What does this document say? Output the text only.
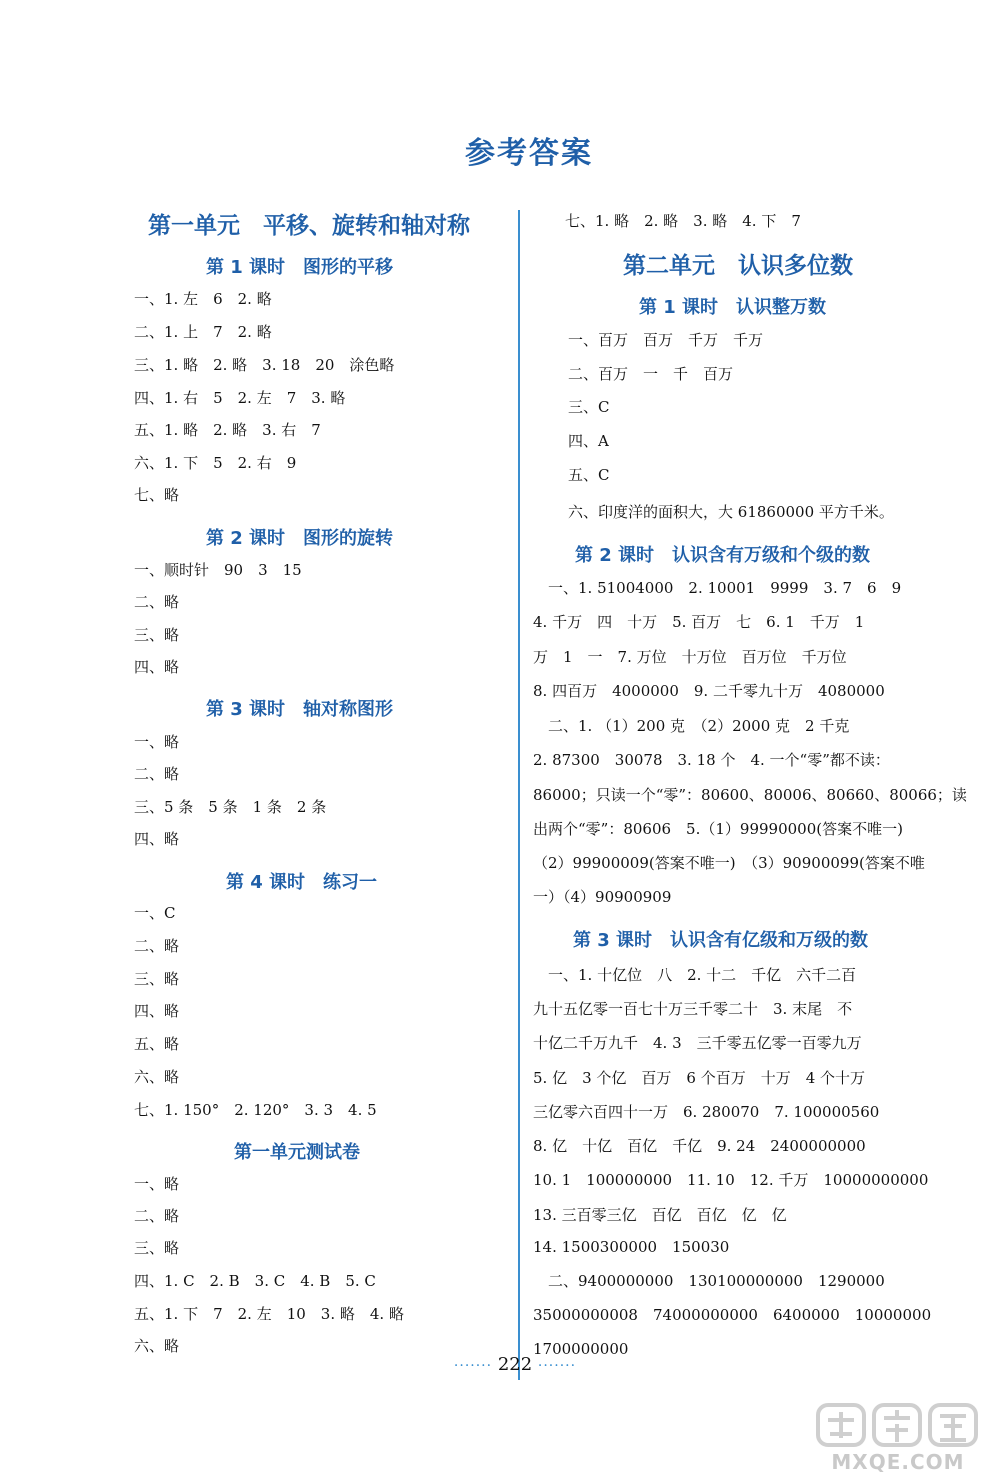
参考答案
第一单元　平移、旋转和轴对称
第 1 课时　图形的平移
一、1. 左　6　2. 略
二、1. 上　7　2. 略
三、1. 略　2. 略　3. 18　20　涂色略
四、1. 右　5　2. 左　7　3. 略
五、1. 略　2. 略　3. 右　7
六、1. 下　5　2. 右　9
七、略
第 2 课时　图形的旋转
一、顺时针　90　3　15
二、略
三、略
四、略
第 3 课时　轴对称图形
一、略
二、略
三、5 条　5 条　1 条　2 条
四、略
第 4 课时　练习一
一、C
二、略
三、略
四、略
五、略
六、略
七、1. 150°　2. 120°　3. 3　4. 5
第一单元测试卷
一、略
二、略
三、略
四、1. C　2. B　3. C　4. B　5. C
五、1. 下　7　2. 左　10　3. 略　4. 略
六、略
七、1. 略　2. 略　3. 略　4. 下　7
第二单元　认识多位数
第 1 课时　认识整万数
一、百万　百万　千万　千万
二、百万　一　千　百万
三、C
四、A
五、C
六、印度洋的面积大，大 61860000 平方千米。
第 2 课时　认识含有万级和个级的数
　一、1. 51004000　2. 10001　9999　3. 7　6　9
4. 千万　四　十万　5. 百万　七　6. 1　千万　1
万　1　一　7. 万位　十万位　百万位　千万位
8. 四百万　4000000　9. 二千零九十万　4080000
　二、1. （1）200 克　（2）2000 克　2 千克
2. 87300　30078　3. 18 个　4. 一个“零”都不读：
86000；只读一个“零”：80600、80006、80660、80066；读
出两个“零”：80606　5.（1）99990000(答案不唯一)
（2）99900009(答案不唯一)　（3）90900099(答案不唯
一）（4）90900909
第 3 课时　认识含有亿级和万级的数
　一、1. 十亿位　八　2. 十二　千亿　六千二百
九十五亿零一百七十万三千零二十　3. 末尾　不
十亿二千万九千　4. 3　三千零五亿零一百零九万
5. 亿　3 个亿　百万　6 个百万　十万　4 个十万
三亿零六百四十一万　6. 280070　7. 100000560
8. 亿　十亿　百亿　千亿　9. 24　2400000000
10. 1　100000000　11. 10　12. 千万　10000000000
13. 三百零三亿　百亿　百亿　亿　亿
14. 1500300000　150030
　二、9400000000　130100000000　1290000
35000000008　74000000000　6400000　10000000
1700000000
······· 222 ·······
MXQE.COM
